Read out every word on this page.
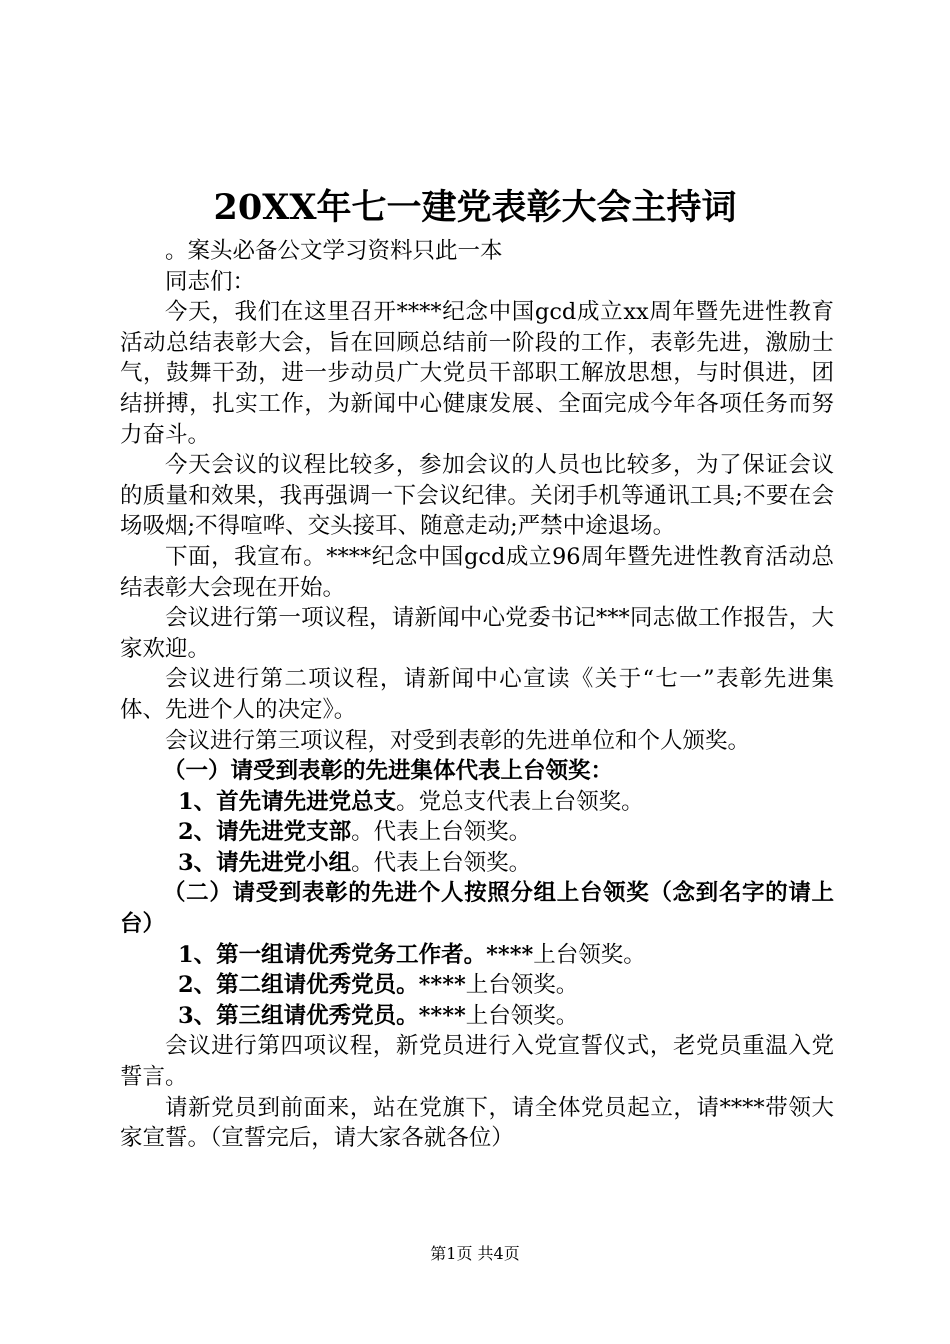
20XX年七一建党表彰大会主持词

。案头必备公文学习资料只此一本

同志们：

今天，我们在这里召开****纪念中国gcd成立xx周年暨先进性教育活动总结表彰大会，旨在回顾总结前一阶段的工作，表彰先进，激励士气，鼓舞干劲，进一步动员广大党员干部职工解放思想，与时俱进，团结拼搏，扎实工作，为新闻中心健康发展、全面完成今年各项任务而努力奋斗。

今天会议的议程比较多，参加会议的人员也比较多，为了保证会议的质量和效果，我再强调一下会议纪律。关闭手机等通讯工具;不要在会场吸烟;不得喧哗、交头接耳、随意走动;严禁中途退场。

下面，我宣布。****纪念中国gcd成立96周年暨先进性教育活动总结表彰大会现在开始。

会议进行第一项议程，请新闻中心党委书记***同志做工作报告，大家欢迎。

会议进行第二项议程，请新闻中心宣读《关于“七一”表彰先进集体、先进个人的决定》。

会议进行第三项议程，对受到表彰的先进单位和个人颁奖。

（一）请受到表彰的先进集体代表上台领奖：

1、首先请先进党总支。党总支代表上台领奖。

2、请先进党支部。代表上台领奖。

3、请先进党小组。代表上台领奖。

（二）请受到表彰的先进个人按照分组上台领奖（念到名字的请上台）

1、第一组请优秀党务工作者。****上台领奖。

2、第二组请优秀党员。****上台领奖。

3、第三组请优秀党员。****上台领奖。

会议进行第四项议程，新党员进行入党宣誓仪式，老党员重温入党誓言。

请新党员到前面来，站在党旗下，请全体党员起立，请****带领大家宣誓。（宣誓完后，请大家各就各位）

第1页 共4页
